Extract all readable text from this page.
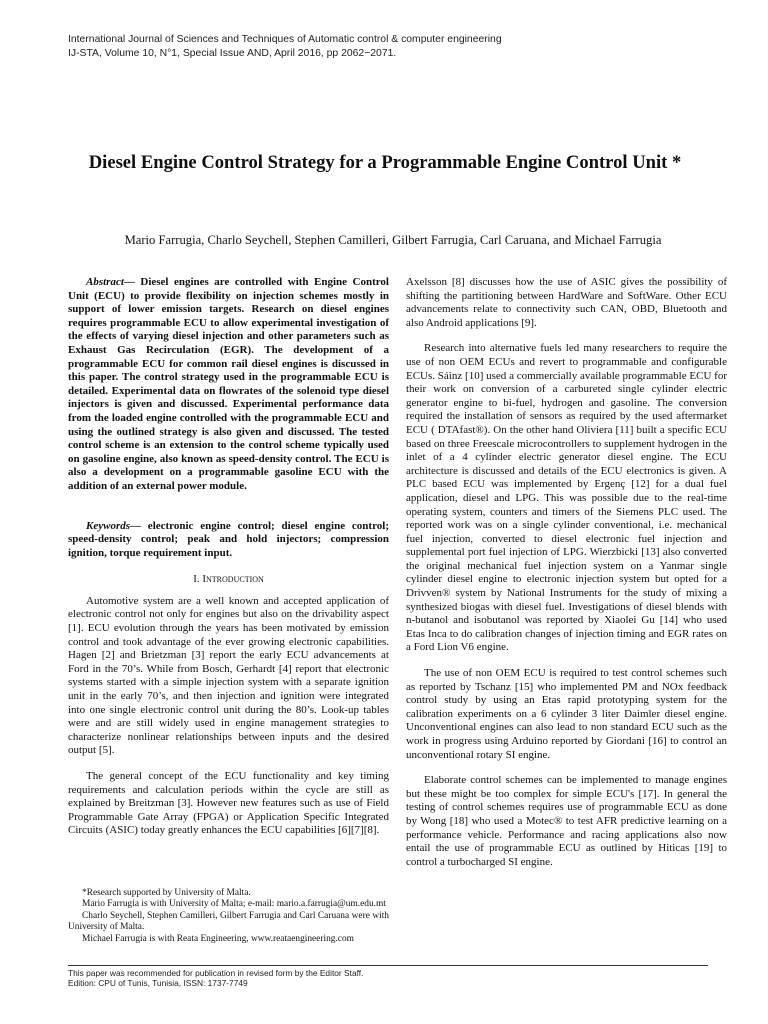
International Journal of Sciences and Techniques of Automatic control & computer engineering
IJ-STA, Volume 10, N°1, Special Issue AND, April 2016, pp 2062−2071.
Diesel Engine Control Strategy for a Programmable Engine Control Unit *
Mario Farrugia, Charlo Seychell, Stephen Camilleri, Gilbert Farrugia, Carl Caruana, and Michael Farrugia

Abstract— Diesel engines are controlled with Engine Control Unit (ECU) to provide flexibility on injection schemes mostly in support of lower emission targets. Research on diesel engines requires programmable ECU to allow experimental investigation of the effects of varying diesel injection and other parameters such as Exhaust Gas Recirculation (EGR). The development of a programmable ECU for common rail diesel engines is discussed in this paper. The control strategy used in the programmable ECU is detailed. Experimental data on flowrates of the solenoid type diesel injectors is given and discussed. Experimental performance data from the loaded engine controlled with the programmable ECU and using the outlined strategy is also given and discussed. The tested control scheme is an extension to the control scheme typically used on gasoline engine, also known as speed-density control. The ECU is also a development on a programmable gasoline ECU with the addition of an external power module.

Keywords— electronic engine control; diesel engine control; speed-density control; peak and hold injectors; compression ignition, torque requirement input.

I. Introduction

Automotive system are a well known and accepted application of electronic control not only for engines but also on the drivability aspect [1]. ECU evolution through the years has been motivated by emission control and took advantage of the ever growing electronic capabilities. Hagen [2] and Brietzman [3] report the early ECU advancements at Ford in the 70’s. While from Bosch, Gerhardt [4] report that electronic systems started with a simple injection system with a separate ignition unit in the early 70’s, and then injection and ignition were integrated into one single electronic control unit during the 80’s. Look-up tables were and are still widely used in engine management strategies to characterize nonlinear relationships between inputs and the desired output [5].

The general concept of the ECU functionality and key timing requirements and calculation periods within the cycle are still as explained by Breitzman [3]. However new features such as use of Field Programmable Gate Array (FPGA) or Application Specific Integrated Circuits (ASIC) today greatly enhances the ECU capabilities [6][7][8].

*Research supported by University of Malta.

Mario Farrugia is with University of Malta; e-mail: mario.a.farrugia@um.edu.mt

Charlo Seychell, Stephen Camilleri, Gilbert Farrugia and Carl Caruana were with University of Malta.

Michael Farrugia is with Reata Engineering, www.reataengineering.com

Axelsson [8] discusses how the use of ASIC gives the possibility of shifting the partitioning between HardWare and SoftWare. Other ECU advancements relate to connectivity such CAN, OBD, Bluetooth and also Android applications [9].

Research into alternative fuels led many researchers to require the use of non OEM ECUs and revert to programmable and configurable ECUs. Sáinz [10] used a commercially available programmable ECU for their work on conversion of a carbureted single cylinder electric generator engine to bi-fuel, hydrogen and gasoline. The conversion required the installation of sensors as required by the used aftermarket ECU ( DTAfast®). On the other hand Oliviera [11] built a specific ECU based on three Freescale microcontrollers to supplement hydrogen in the inlet of a 4 cylinder electric generator diesel engine. The ECU architecture is discussed and details of the ECU electronics is given. A PLC based ECU was implemented by Ergenç [12] for a dual fuel application, diesel and LPG. This was possible due to the real-time operating system, counters and timers of the Siemens PLC used. The reported work was on a single cylinder conventional, i.e. mechanical fuel injection, converted to diesel electronic fuel injection and supplemental port fuel injection of LPG. Wierzbicki [13] also converted the original mechanical fuel injection system on a Yanmar single cylinder diesel engine to electronic injection system but opted for a Drivven® system by National Instruments for the study of mixing a synthesized biogas with diesel fuel. Investigations of diesel blends with n-butanol and isobutanol was reported by Xiaolei Gu [14] who used Etas Inca to do calibration changes of injection timing and EGR rates on a Ford Lion V6 engine.

The use of non OEM ECU is required to test control schemes such as reported by Tschanz [15] who implemented PM and NOx feedback control study by using an Etas rapid prototyping system for the calibration experiments on a 6 cylinder 3 liter Daimler diesel engine. Unconventional engines can also lead to non standard ECU such as the work in progress using Arduino reported by Giordani [16] to control an unconventional rotary SI engine.

Elaborate control schemes can be implemented to manage engines but these might be too complex for simple ECU's [17]. In general the testing of control schemes requires use of programmable ECU as done by Wong [18] who used a Motec® to test AFR predictive learning on a performance vehicle. Performance and racing applications also now entail the use of programmable ECU as outlined by Hiticas [19] to control a turbocharged SI engine.

This paper was recommended for publication in revised form by the Editor Staff.
Edition: CPU of Tunis, Tunisia, ISSN: 1737-7749
